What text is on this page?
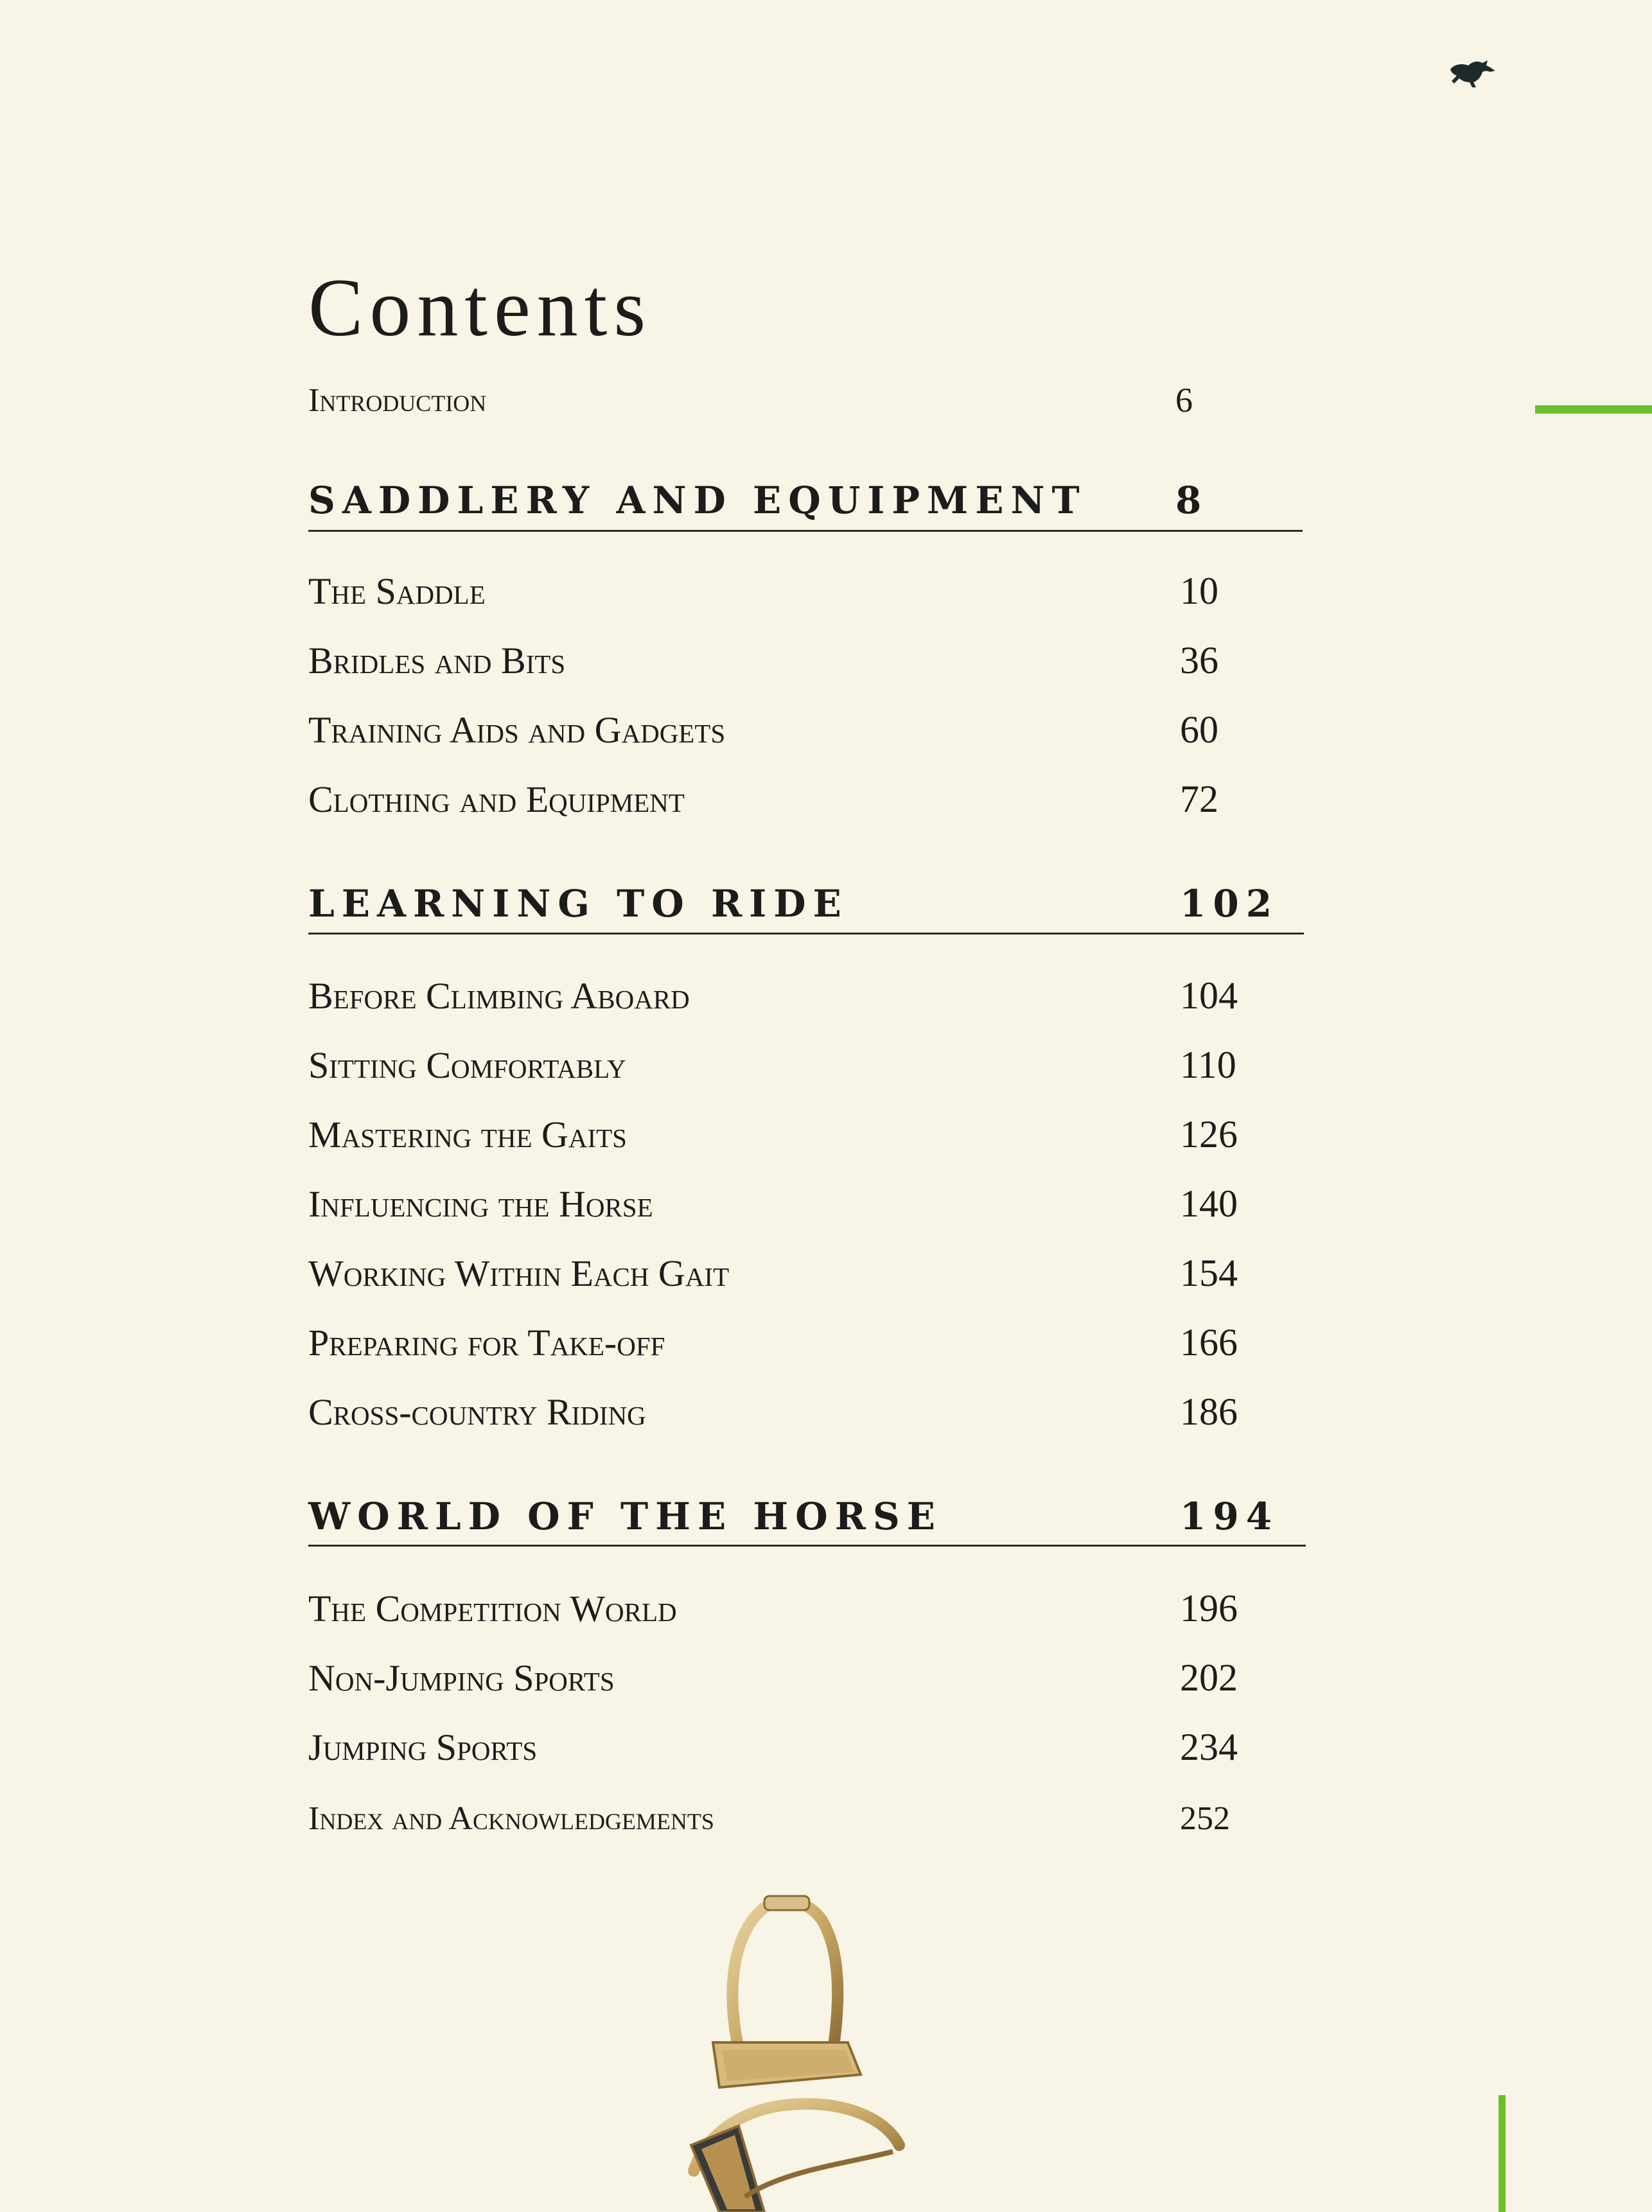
Contents
Introduction	6
SADDLERY AND EQUIPMENT 8
The Saddle	10
Bridles and Bits	36
Training Aids and Gadgets	60
Clothing and Equipment	72
LEARNING TO RIDE	102
Before Climbing Aboard	104
Sitting Comfortably	110
Mastering the Gaits	126
Influencing the Horse	140
Working Within Each Gait	154
Preparing for Take-off	166
Cross-country Riding	186
WORLD OF THE HORSE	194
The Competition World	196
Non-Jumping Sports	202
Jumping Sports	234
Index and Acknowledgements	252
